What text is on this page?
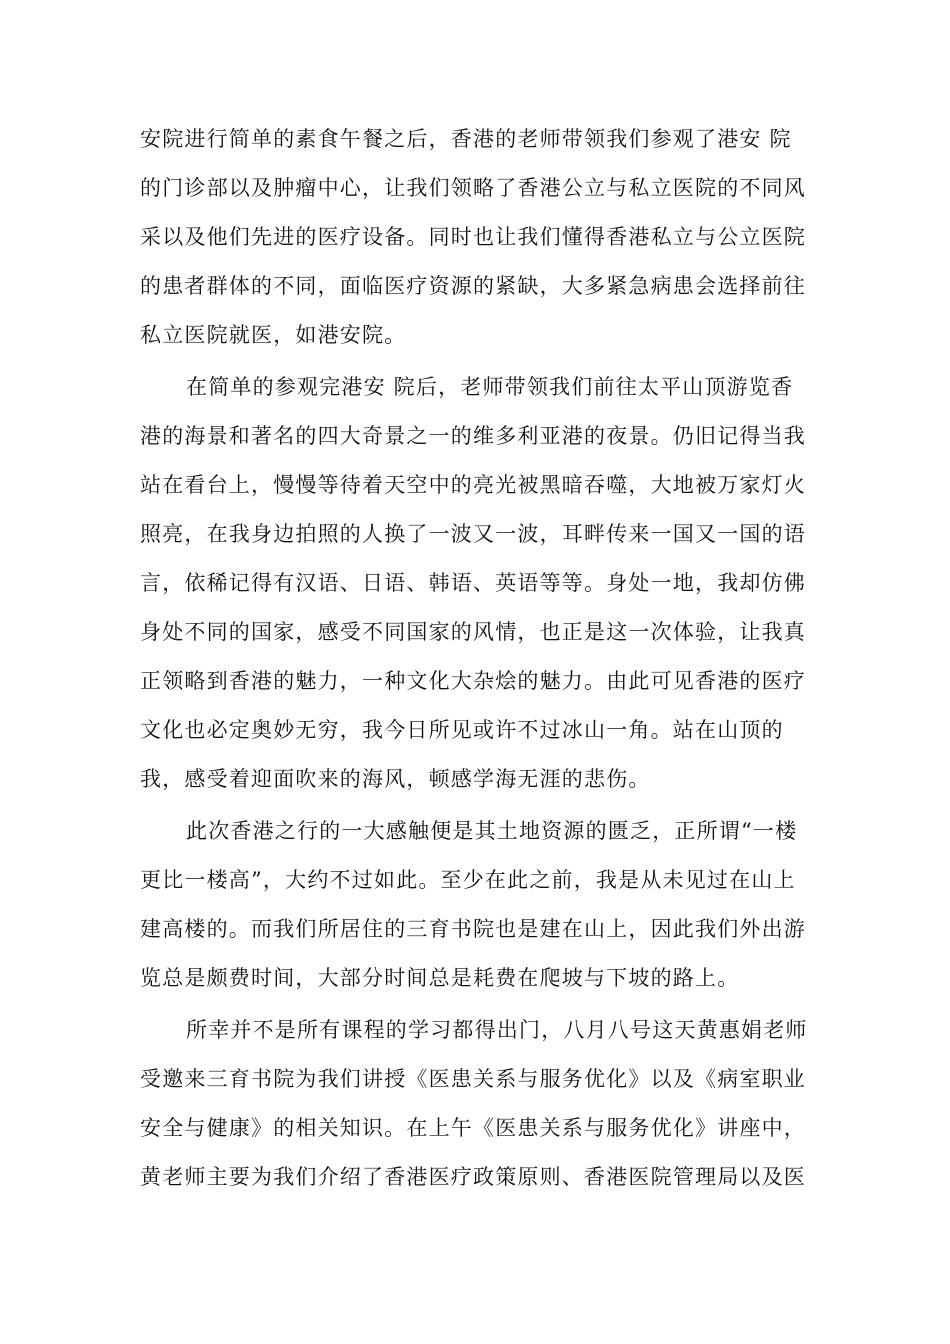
安院进行简单的素食午餐之后，香港的老师带领我们参观了港安 院
的门诊部以及肿瘤中心，让我们领略了香港公立与私立医院的不同风
采以及他们先进的医疗设备。同时也让我们懂得香港私立与公立医院
的患者群体的不同，面临医疗资源的紧缺，大多紧急病患会选择前往
私立医院就医，如港安院。
在简单的参观完港安 院后，老师带领我们前往太平山顶游览香
港的海景和著名的四大奇景之一的维多利亚港的夜景。仍旧记得当我
站在看台上，慢慢等待着天空中的亮光被黑暗吞噬，大地被万家灯火
照亮，在我身边拍照的人换了一波又一波，耳畔传来一国又一国的语
言，依稀记得有汉语、日语、韩语、英语等等。身处一地，我却仿佛
身处不同的国家，感受不同国家的风情，也正是这一次体验，让我真
正领略到香港的魅力，一种文化大杂烩的魅力。由此可见香港的医疗
文化也必定奥妙无穷，我今日所见或许不过冰山一角。站在山顶的
我，感受着迎面吹来的海风，顿感学海无涯的悲伤。
此次香港之行的一大感触便是其土地资源的匮乏，正所谓“一楼
更比一楼高”，大约不过如此。至少在此之前，我是从未见过在山上
建高楼的。而我们所居住的三育书院也是建在山上，因此我们外出游
览总是颇费时间，大部分时间总是耗费在爬坡与下坡的路上。
所幸并不是所有课程的学习都得出门，八月八号这天黄惠娟老师
受邀来三育书院为我们讲授《医患关系与服务优化》以及《病室职业
安全与健康》的相关知识。在上午《医患关系与服务优化》讲座中，
黄老师主要为我们介绍了香港医疗政策原则、香港医院管理局以及医
